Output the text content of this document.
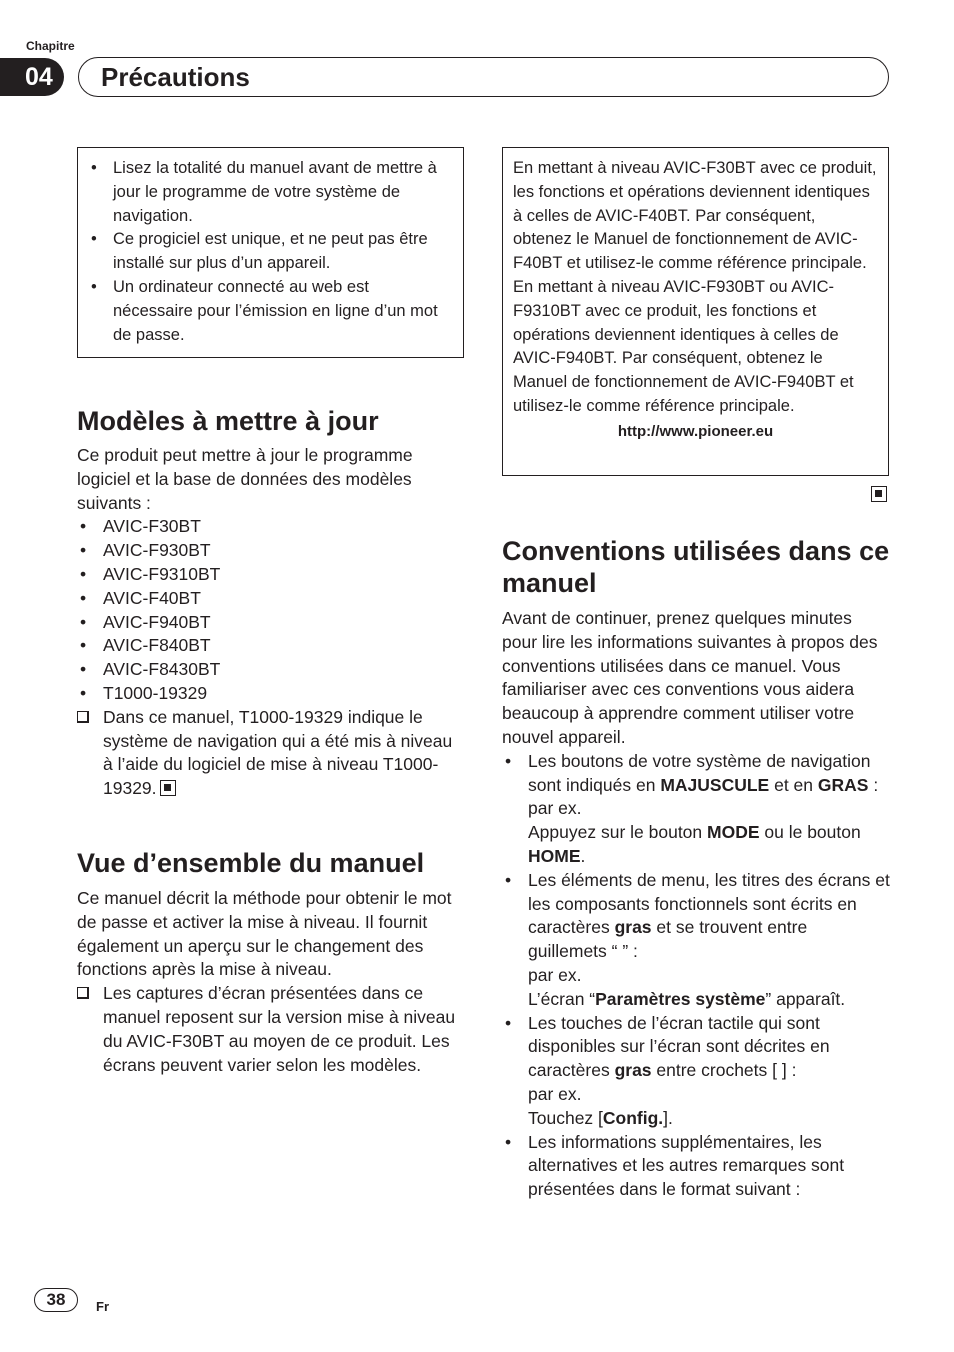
Chapitre
04	Précautions
• Lisez la totalité du manuel avant de mettre à jour le programme de votre système de navigation.
• Ce progiciel est unique, et ne peut pas être installé sur plus d’un appareil.
• Un ordinateur connecté au web est nécessaire pour l’émission en ligne d’un mot de passe.

En mettant à niveau AVIC-F30BT avec ce produit, les fonctions et opérations deviennent identiques à celles de AVIC-F40BT. Par conséquent, obtenez le Manuel de fonctionnement de AVIC-F40BT et utilisez-le comme référence principale.

En mettant à niveau AVIC-F930BT ou AVIC-F9310BT avec ce produit, les fonctions et opérations deviennent identiques à celles de AVIC-F940BT. Par conséquent, obtenez le Manuel de fonctionnement de AVIC-F940BT et utilisez-le comme référence principale.

http://www.pioneer.eu

Modèles à mettre à jour

Ce produit peut mettre à jour le programme logiciel et la base de données des modèles suivants :

• AVIC-F30BT
• AVIC-F930BT
• AVIC-F9310BT
• AVIC-F40BT
• AVIC-F940BT
• AVIC-F840BT
• AVIC-F8430BT
• T1000-19329
Dans ce manuel, T1000-19329 indique le système de navigation qui a été mis à niveau à l’aide du logiciel de mise à niveau T1000-19329.
Vue d’ensemble du manuel

Ce manuel décrit la méthode pour obtenir le mot de passe et activer la mise à niveau. Il fournit également un aperçu sur le changement des fonctions après la mise à niveau.

Les captures d’écran présentées dans ce manuel reposent sur la version mise à niveau du AVIC-F30BT au moyen de ce produit. Les écrans peuvent varier selon les modèles.
Conventions utilisées dans ce manuel

Avant de continuer, prenez quelques minutes pour lire les informations suivantes à propos des conventions utilisées dans ce manuel. Vous familiariser avec ces conventions vous aidera beaucoup à apprendre comment utiliser votre nouvel appareil.

• Les boutons de votre système de navigation sont indiqués en MAJUSCULE et en GRAS :
par ex.
Appuyez sur le bouton MODE ou le bouton HOME.
• Les éléments de menu, les titres des écrans et les composants fonctionnels sont écrits en caractères gras et se trouvent entre guillemets “ ” :
par ex.
L’écran “Paramètres système” apparaît.
• Les touches de l’écran tactile qui sont disponibles sur l’écran sont décrites en caractères gras entre crochets [ ] :
par ex.
Touchez [Config.].
• Les informations supplémentaires, les alternatives et les autres remarques sont présentées dans le format suivant :
38	Fr
